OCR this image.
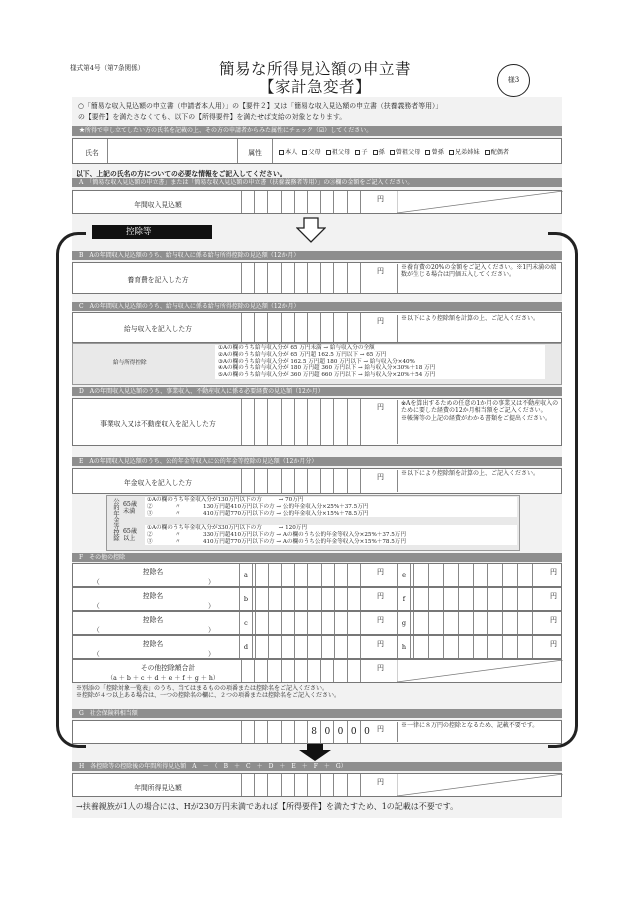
様式第4号（第7条関係）	簡易な所得見込額の申立書
【家計急変者】	様3
○「簡易な収入見込額の申立書（申請者本人用）」の【要件２】又は「簡易な収入見込額の申立書（扶養義務者等用）」
の【要件】を満たさなくても、以下の【所得要件】を満たせば支給の対象となります。
★所得で申し立てしたい方の氏名を記載の上、その方の申請者からみた属性にチェック（☑）してください。
氏名	属性	本人	父母	祖父母	子	孫	曾祖父母	曾孫	兄弟姉妹	配偶者
以下、上記の氏名の方についての必要な情報をご記入してください。
A　「簡易な収入見込額の申立書」または「簡易な収入見込額の申立書（扶養義務者等用）」の③欄の金額をご記入ください。
年間収入見込額
円
控除等
B　Aの年間収入見込額のうち、給与収入に係る給与所得控除の見込額（12か月）
養育費を記入した方
円	※養育費の20%の金額をご記入ください。※1円未満の端数が生じる場合は円価五入してください。
C　Aの年間収入見込額のうち、給与収入に係る給与所得控除の見込額（12か月）
給与収入を記入した方
円	※以下により控除額を計算の上、ご記入ください。
給与所得控除
①Aの欄のうち給与収入分が 65 万円未満 → 給与収入分の全額
②Aの欄のうち給与収入分が 65 万円超 162.5 万円以下 → 65 万円
③Aの欄のうち給与収入分が 162.5 万円超 180 万円以下 → 給与収入分×40%
④Aの欄のうち給与収入分が 180 万円超 360 万円以下 → 給与収入分×30%＋18 万円
⑤Aの欄のうち給与収入分が 360 万円超 660 万円以下 → 給与収入分×20%＋54 万円
D　Aの年間収入見込額のうち、事業収入、不動産収入に係る必要経費の見込額（12か月）
事業収入又は不動産収入を記入した方
円	※Aを算出するための任意の1か月の事業又は不動産収入のために要した経費の12か月相当額をご記入ください。
※帳簿等の上記の経費がわかる書類をご提出ください。
E　Aの年間収入見込額のうち、公的年金等収入に公的年金等控除の見込額（12か月分）
年金収入を記入した方
円	※以下により控除額を計算の上、ご記入ください。
公的年金等控除 65歳未満
65歳以上
①Aの欄のうち年金収入分が130万円以下の方　　　→ 70万円
②　　　　〃　　　　130万円超410万円以下の方 → 公的年金収入分×25%＋37.5万円
③　　　　〃　　　　410万円超770万円以下の方 → 公的年金収入分×15%＋78.5万円
①Aの欄のうち年金収入分が330万円以下の方　　　→ 120万円
②　　　　〃　　　　330万円超410万円以下の方 → Aの欄のうち公的年金等収入分×25%＋37.5万円
③　　　　〃　　　　410万円超770万円以下の方 → Aの欄のうち公的年金等収入分×15%＋78.5万円
F　その他の控除
控除名
（	）
a	円	e	円
控除名
（	）
b	円	f	円
控除名
（	）
c	円	g	円
控除名
（	）
d	円	h	円
その他控除額合計
（a ＋ b ＋ c ＋ d ＋ e ＋ f ＋ g ＋ h）
円
※別添の「控除対象一覧表」のうち、当てはまるものの項番または控除名をご記入ください。
※控除が４つ以上ある場合は、一つの控除名の欄に、２つの項番または控除名をご記入ください。
G　社会保険料相当額
8 0 0 0 0	円	※一律に８万円の控除となるため、記載不要です。
H　各控除等の控除後の年間所得見込額　A　－　（　B　＋　C　＋　D　＋　E　＋　F　＋　G）
年間所得見込額
円
→扶養親族が1人の場合には、Hが230万円未満であれば【所得要件】を満たすため、1の記載は不要です。
